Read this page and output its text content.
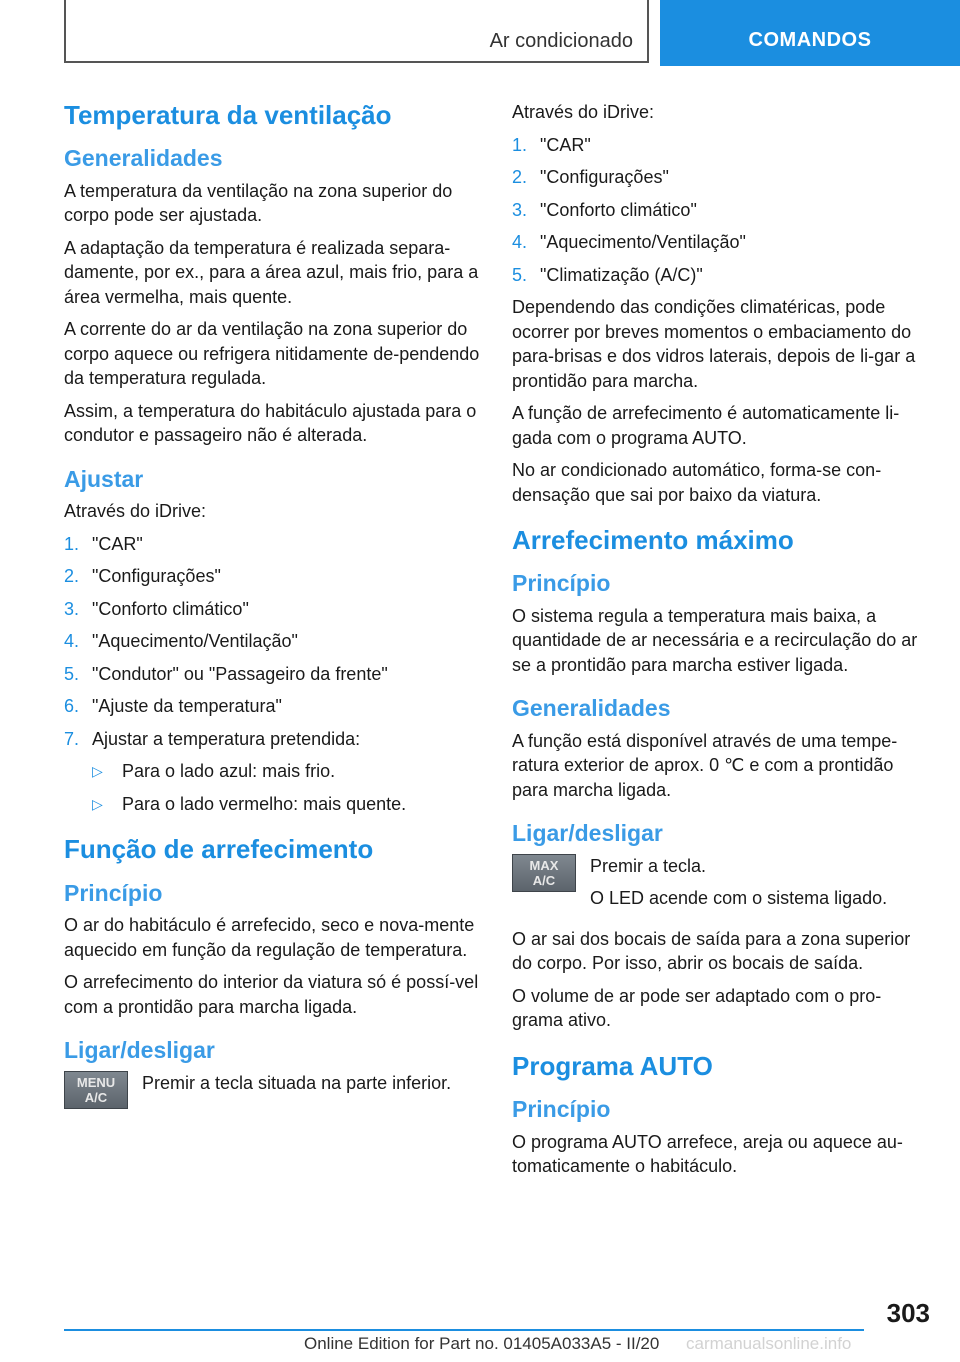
Ar condicionado	COMANDOS
Temperatura da ventilação
Generalidades

A temperatura da ventilação na zona superior do corpo pode ser ajustada.

A adaptação da temperatura é realizada separa-damente, por ex., para a área azul, mais frio, para a área vermelha, mais quente.

A corrente do ar da ventilação na zona superior do corpo aquece ou refrigera nitidamente de-pendendo da temperatura regulada.

Assim, a temperatura do habitáculo ajustada para o condutor e passageiro não é alterada.

Ajustar

Através do iDrive:

1. "CAR"
2. "Configurações"
3. "Conforto climático"
4. "Aquecimento/Ventilação"
5. "Condutor" ou "Passageiro da frente"
6. "Ajuste da temperatura"
7. Ajustar a temperatura pretendida:
▷ Para o lado azul: mais frio.
▷ Para o lado vermelho: mais quente.
Função de arrefecimento
Princípio

O ar do habitáculo é arrefecido, seco e nova-mente aquecido em função da regulação de temperatura.

O arrefecimento do interior da viatura só é possí-vel com a prontidão para marcha ligada.

Ligar/desligar
MENU
A/C

Premir a tecla situada na parte inferior.

Através do iDrive:

1. "CAR"
2. "Configurações"
3. "Conforto climático"
4. "Aquecimento/Ventilação"
5. "Climatização (A/C)"

Dependendo das condições climatéricas, pode ocorrer por breves momentos o embaciamento do para-brisas e dos vidros laterais, depois de li-gar a prontidão para marcha.

A função de arrefecimento é automaticamente li-gada com o programa AUTO.

No ar condicionado automático, forma-se con-densação que sai por baixo da viatura.

Arrefecimento máximo
Princípio

O sistema regula a temperatura mais baixa, a quantidade de ar necessária e a recirculação do ar se a prontidão para marcha estiver ligada.

Generalidades

A função está disponível através de uma tempe-ratura exterior de aprox. 0 ℃ e com a prontidão para marcha ligada.

Ligar/desligar
MAX
A/C

Premir a tecla.

O LED acende com o sistema ligado.

O ar sai dos bocais de saída para a zona superior do corpo. Por isso, abrir os bocais de saída.

O volume de ar pode ser adaptado com o pro-grama ativo.

Programa AUTO
Princípio

O programa AUTO arrefece, areja ou aquece au-tomaticamente o habitáculo.

303
Online Edition for Part no. 01405A033A5 - II/20 carmanualsonline.info
